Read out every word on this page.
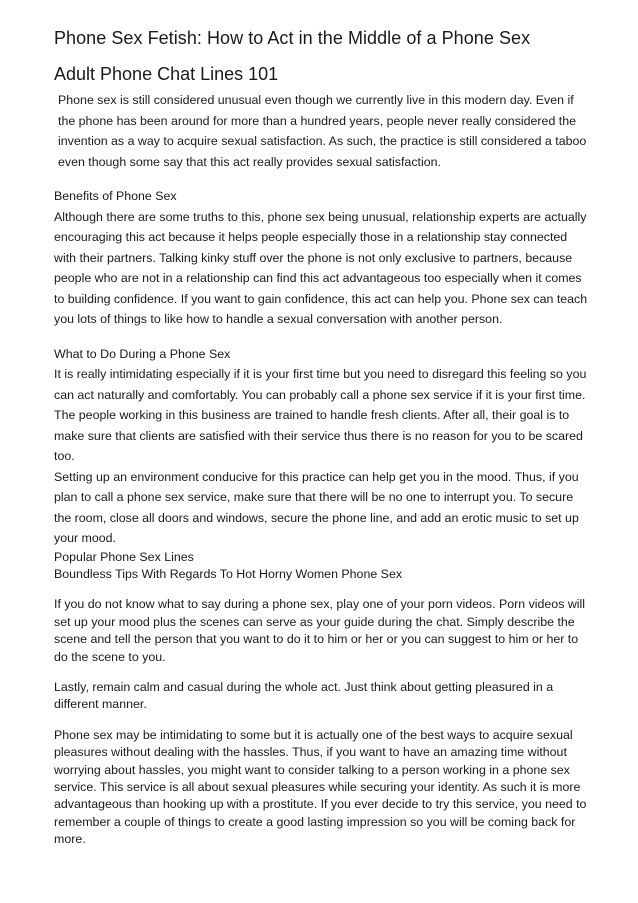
Phone Sex Fetish: How to Act in the Middle of a Phone Sex
Adult Phone Chat Lines 101

Phone sex is still considered unusual even though we currently live in this modern day. Even if the phone has been around for more than a hundred years, people never really considered the invention as a way to acquire sexual satisfaction. As such, the practice is still considered a taboo even though some say that this act really provides sexual satisfaction.

Benefits of Phone Sex

Although there are some truths to this, phone sex being unusual, relationship experts are actually encouraging this act because it helps people especially those in a relationship stay connected with their partners. Talking kinky stuff over the phone is not only exclusive to partners, because people who are not in a relationship can find this act advantageous too especially when it comes to building confidence. If you want to gain confidence, this act can help you. Phone sex can teach you lots of things to like how to handle a sexual conversation with another person.

What to Do During a Phone Sex

It is really intimidating especially if it is your first time but you need to disregard this feeling so you can act naturally and comfortably. You can probably call a phone sex service if it is your first time. The people working in this business are trained to handle fresh clients. After all, their goal is to make sure that clients are satisfied with their service thus there is no reason for you to be scared too.

Setting up an environment conducive for this practice can help get you in the mood. Thus, if you plan to call a phone sex service, make sure that there will be no one to interrupt you. To secure the room, close all doors and windows, secure the phone line, and add an erotic music to set up your mood.

Popular Phone Sex Lines

Boundless Tips With Regards To Hot Horny Women Phone Sex

If you do not know what to say during a phone sex, play one of your porn videos. Porn videos will set up your mood plus the scenes can serve as your guide during the chat. Simply describe the scene and tell the person that you want to do it to him or her or you can suggest to him or her to do the scene to you.

Lastly, remain calm and casual during the whole act. Just think about getting pleasured in a different manner.

Phone sex may be intimidating to some but it is actually one of the best ways to acquire sexual pleasures without dealing with the hassles. Thus, if you want to have an amazing time without worrying about hassles, you might want to consider talking to a person working in a phone sex service. This service is all about sexual pleasures while securing your identity. As such it is more advantageous than hooking up with a prostitute. If you ever decide to try this service, you need to remember a couple of things to create a good lasting impression so you will be coming back for more.
